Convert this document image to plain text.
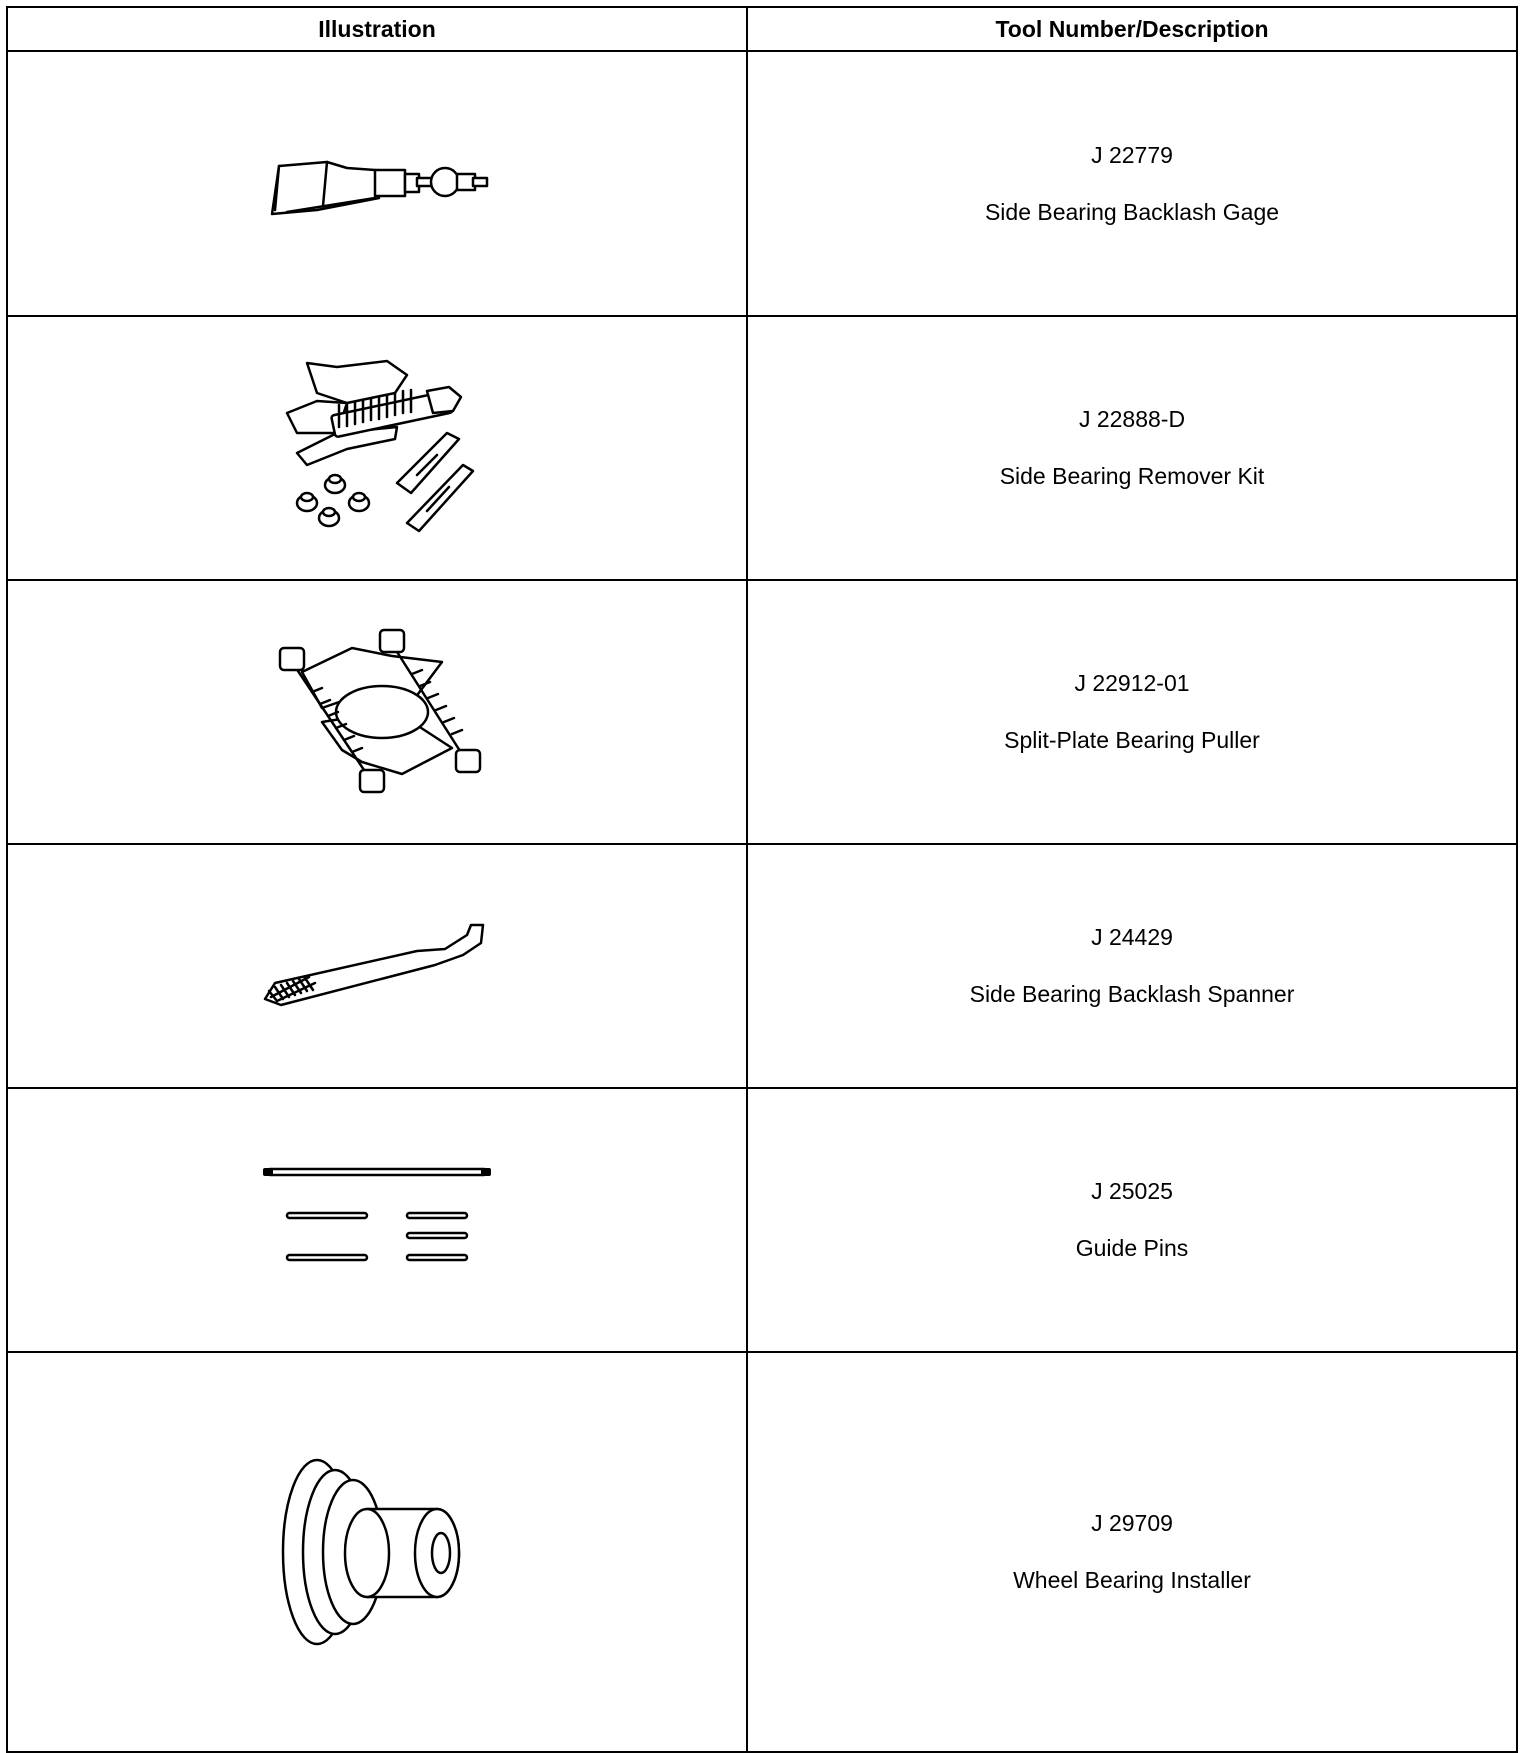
Illustration	Tool Number/Description

J 22779
Side Bearing Backlash Gage

J 22888-D
Side Bearing Remover Kit

J 22912-01
Split-Plate Bearing Puller

J 24429
Side Bearing Backlash Spanner

J 25025
Guide Pins

J 29709
Wheel Bearing Installer
